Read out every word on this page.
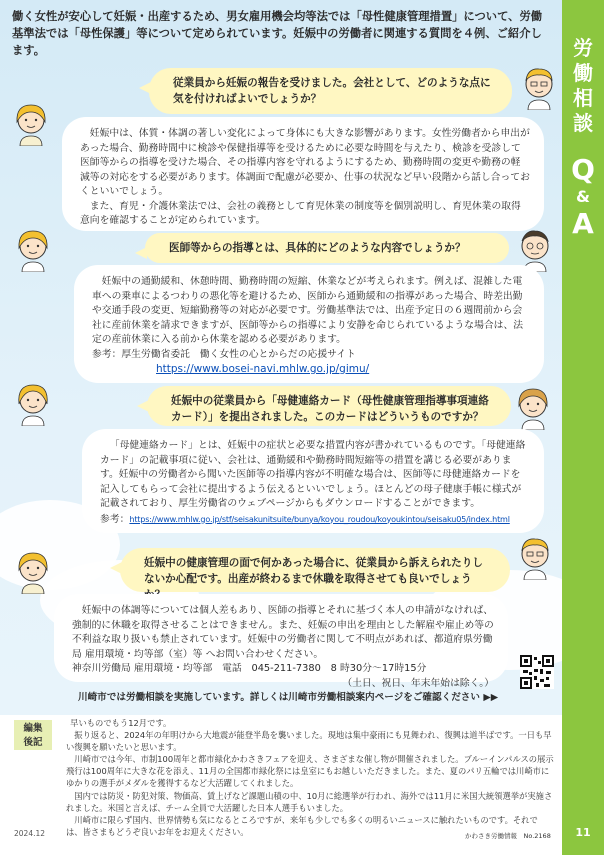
労
働
相
談
Q
&
A
働く女性が安心して妊娠・出産するため、男女雇用機会均等法では「母性健康管理措置」について、労働基準法では「母性保護」等について定められています。妊娠中の労働者に関連する質問を４例、ご紹介します。
従業員から妊娠の報告を受けました。会社として、どのような点に気を付ければよいでしょうか？

妊娠中は、体質・体調の著しい変化によって身体にも大きな影響があります。女性労働者から申出があった場合、勤務時間中に検診や保健指導等を受けるために必要な時間を与えたり、検診を受診して医師等からの指導を受けた場合、その指導内容を守れるようにするため、勤務時間の変更や勤務の軽減等の対応をする必要があります。体調面で配慮が必要か、仕事の状況など早い段階から話し合っておくといいでしょう。

また、育児・介護休業法では、会社の義務として育児休業の制度等を個別説明し、育児休業の取得意向を確認することが定められています。

医師等からの指導とは、具体的にどのような内容でしょうか？

妊娠中の通勤緩和、休憩時間、勤務時間の短縮、休業などが考えられます。例えば、混雑した電車への乗車によるつわりの悪化等を避けるため、医師から通勤緩和の指導があった場合、時差出勤や交通手段の変更、短縮勤務等の対応が必要です。労働基準法では、出産予定日の６週間前から会社に産前休業を請求できますが、医師等からの指導により安静を命じられているような場合は、法定の産前休業に入る前から休業を認める必要があります。

参考：厚生労働省委託　働く女性の心とからだの応援サイト

https://www.bosei-navi.mhlw.go.jp/gimu/

妊娠中の従業員から「母健連絡カード（母性健康管理指導事項連絡カード）」を提出されました。このカードはどういうものですか？

「母健連絡カード」とは、妊娠中の症状と必要な措置内容が書かれているものです。「母健連絡カード」の記載事項に従い、会社は、通勤緩和や勤務時間短縮等の措置を講じる必要があります。妊娠中の労働者から聞いた医師等の指導内容が不明確な場合は、医師等に母健連絡カードを記入してもらって会社に提出するよう伝えるといいでしょう。ほとんどの母子健康手帳に様式が記載されており、厚生労働省のウェブページからもダウンロードすることができます。

参考：https://www.mhlw.go.jp/stf/seisakunitsuite/bunya/koyou_roudou/koyoukintou/seisaku05/index.html

妊娠中の健康管理の面で何かあった場合に、従業員から訴えられたりしないか心配です。出産が終わるまで休職を取得させても良いでしょう

妊娠中の体調等については個人差もあり、医師の指導とそれに基づく本人の申請がなければ、強制的に休職を取得させることはできません。また、妊娠の申出を理由とした解雇や雇止め等の不利益な取り扱いも禁止されています。妊娠中の労働者に関して不明点があれば、都道府県労働局 雇用環境・均等部（室）等 へお問い合わせください。

神奈川労働局 雇用環境・均等部　電話　045-211-7380　8 時30分～17時15分

（土日、祝日、年末年始は除く。）

川崎市では労働相談を実施しています。詳しくは川崎市労働相談案内ページをご確認ください ▶▶
編集
後記

早いものでもう12月です。

振り返ると、2024年の年明けから大地震が能登半島を襲いました。現地は集中豪雨にも見舞われ、復興は道半ばです。一日も早い復興を願いたいと思います。

川崎市では今年、市制100周年と都市緑化かわさきフェアを迎え、さまざまな催し物が開催されました。ブルーインパルスの展示飛行は100周年に大きな花を添え、11月の全国都市緑化祭には皇室にもお越しいただきました。また、夏のパリ五輪では川崎市にゆかりの選手がメダルを獲得するなど大活躍してくれました。

国内では防災・防犯対策、物価高、賃上げなど課題山積の中、10月に総選挙が行われ、海外では11月に米国大統領選挙が実施されました。米国と言えば、チーム全員で大活躍した日本人選手もいました。

川崎市に限らず国内、世界情勢も気になるところですが、来年も少しでも多くの明るいニュースに触れたいものです。それでは、皆さまもどうぞ良いお年をお迎えください。

2024.12	かわさき労働情報　No.2168	11
